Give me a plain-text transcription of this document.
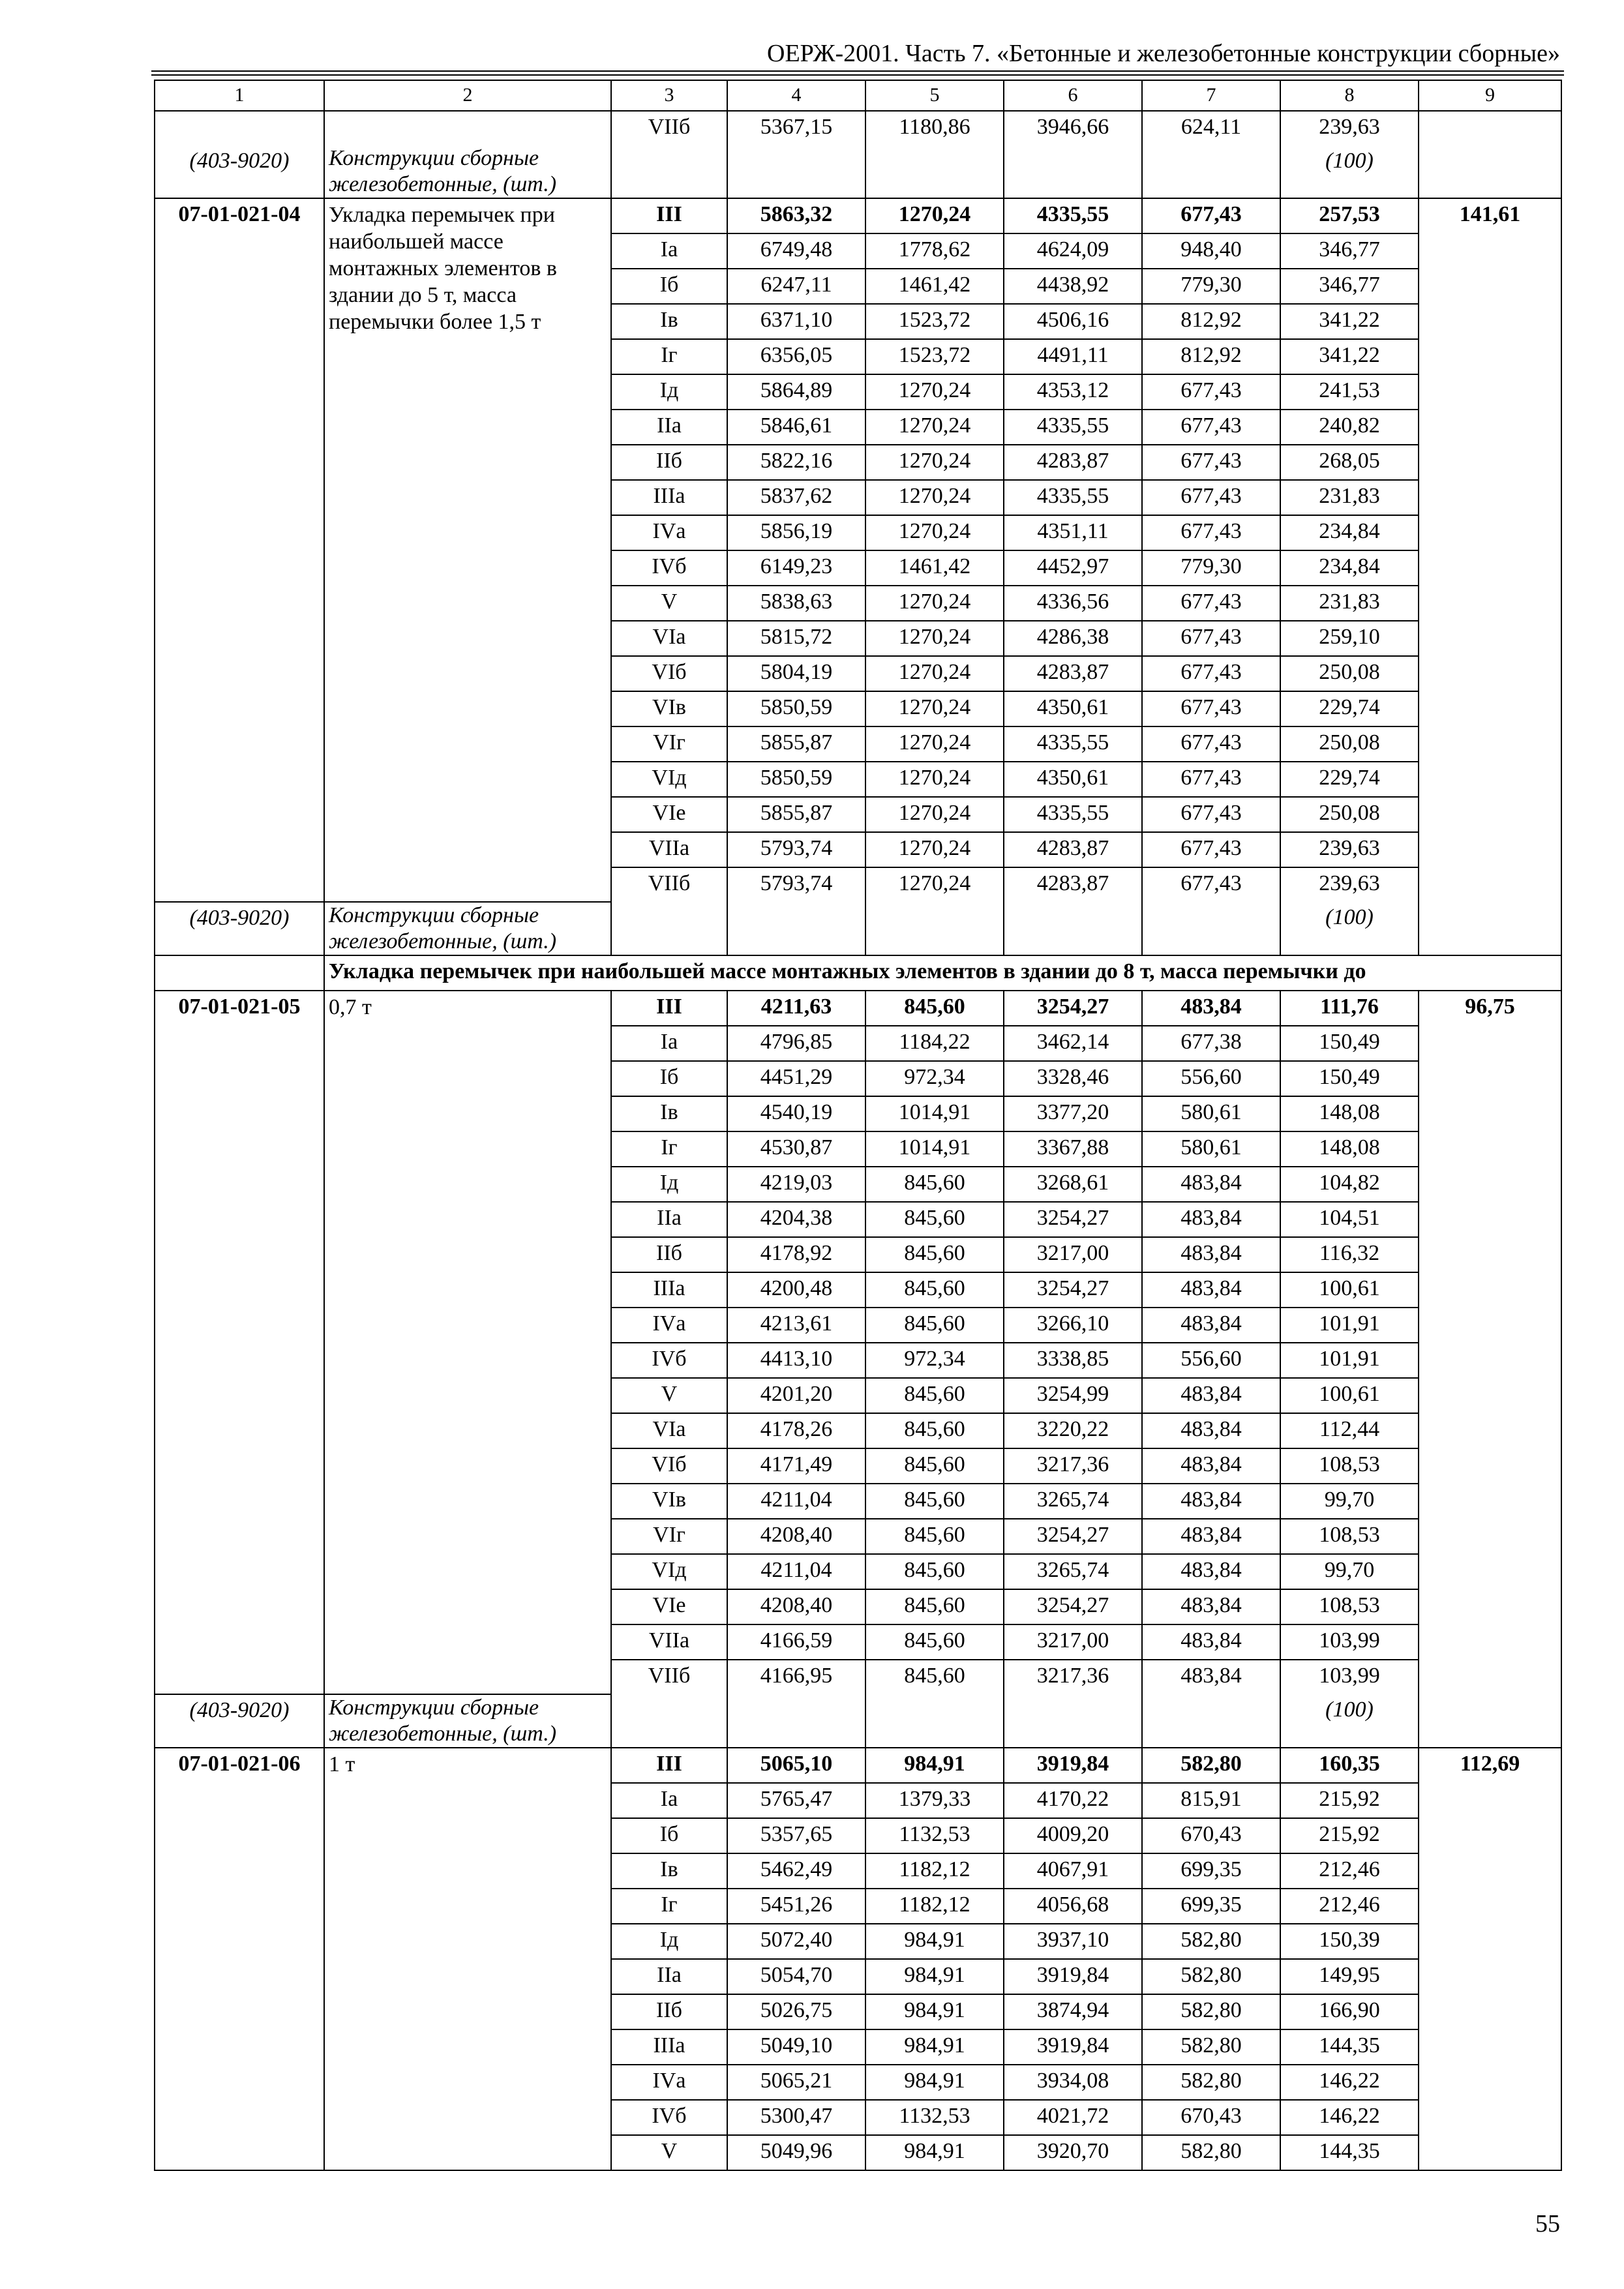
ОЕРЖ-2001. Часть 7. «Бетонные и железобетонные конструкции сборные»
1	2	3	4	5	6	7	8	9
		VIIб	5367,15	1180,86	3946,66	624,11	239,63	
(403-9020)	Конструкции сборные железобетонные, (шт.)						(100)	
07-01-021-04	Укладка перемычек при наибольшей массе монтажных элементов в здании до 5 т, масса перемычки более 1,5 т	III	5863,32	1270,24	4335,55	677,43	257,53	141,61
		Iа	6749,48	1778,62	4624,09	948,40	346,77	
		Iб	6247,11	1461,42	4438,92	779,30	346,77	
		Iв	6371,10	1523,72	4506,16	812,92	341,22	
		Iг	6356,05	1523,72	4491,11	812,92	341,22	
		Iд	5864,89	1270,24	4353,12	677,43	241,53	
		IIа	5846,61	1270,24	4335,55	677,43	240,82	
		IIб	5822,16	1270,24	4283,87	677,43	268,05	
		IIIа	5837,62	1270,24	4335,55	677,43	231,83	
		IVа	5856,19	1270,24	4351,11	677,43	234,84	
		IVб	6149,23	1461,42	4452,97	779,30	234,84	
		V	5838,63	1270,24	4336,56	677,43	231,83	
		VIа	5815,72	1270,24	4286,38	677,43	259,10	
		VIб	5804,19	1270,24	4283,87	677,43	250,08	
		VIв	5850,59	1270,24	4350,61	677,43	229,74	
		VIг	5855,87	1270,24	4335,55	677,43	250,08	
		VIд	5850,59	1270,24	4350,61	677,43	229,74	
		VIе	5855,87	1270,24	4335,55	677,43	250,08	
		VIIа	5793,74	1270,24	4283,87	677,43	239,63	
		VIIб	5793,74	1270,24	4283,87	677,43	239,63	
(403-9020)	Конструкции сборные железобетонные, (шт.)						(100)	
	Укладка перемычек при наибольшей массе монтажных элементов в здании до 8 т, масса перемычки до							
07-01-021-05	0,7 т	III	4211,63	845,60	3254,27	483,84	111,76	96,75
		Iа	4796,85	1184,22	3462,14	677,38	150,49	
		Iб	4451,29	972,34	3328,46	556,60	150,49	
		Iв	4540,19	1014,91	3377,20	580,61	148,08	
		Iг	4530,87	1014,91	3367,88	580,61	148,08	
		Iд	4219,03	845,60	3268,61	483,84	104,82	
		IIа	4204,38	845,60	3254,27	483,84	104,51	
		IIб	4178,92	845,60	3217,00	483,84	116,32	
		IIIа	4200,48	845,60	3254,27	483,84	100,61	
		IVа	4213,61	845,60	3266,10	483,84	101,91	
		IVб	4413,10	972,34	3338,85	556,60	101,91	
		V	4201,20	845,60	3254,99	483,84	100,61	
		VIа	4178,26	845,60	3220,22	483,84	112,44	
		VIб	4171,49	845,60	3217,36	483,84	108,53	
		VIв	4211,04	845,60	3265,74	483,84	99,70	
		VIг	4208,40	845,60	3254,27	483,84	108,53	
		VIд	4211,04	845,60	3265,74	483,84	99,70	
		VIе	4208,40	845,60	3254,27	483,84	108,53	
		VIIа	4166,59	845,60	3217,00	483,84	103,99	
		VIIб	4166,95	845,60	3217,36	483,84	103,99	
(403-9020)	Конструкции сборные железобетонные, (шт.)						(100)	
07-01-021-06	1 т	III	5065,10	984,91	3919,84	582,80	160,35	112,69
		Iа	5765,47	1379,33	4170,22	815,91	215,92	
		Iб	5357,65	1132,53	4009,20	670,43	215,92	
		Iв	5462,49	1182,12	4067,91	699,35	212,46	
		Iг	5451,26	1182,12	4056,68	699,35	212,46	
		Iд	5072,40	984,91	3937,10	582,80	150,39	
		IIа	5054,70	984,91	3919,84	582,80	149,95	
		IIб	5026,75	984,91	3874,94	582,80	166,90	
		IIIа	5049,10	984,91	3919,84	582,80	144,35	
		IVа	5065,21	984,91	3934,08	582,80	146,22	
		IVб	5300,47	1132,53	4021,72	670,43	146,22	
		V	5049,96	984,91	3920,70	582,80	144,35	
55
